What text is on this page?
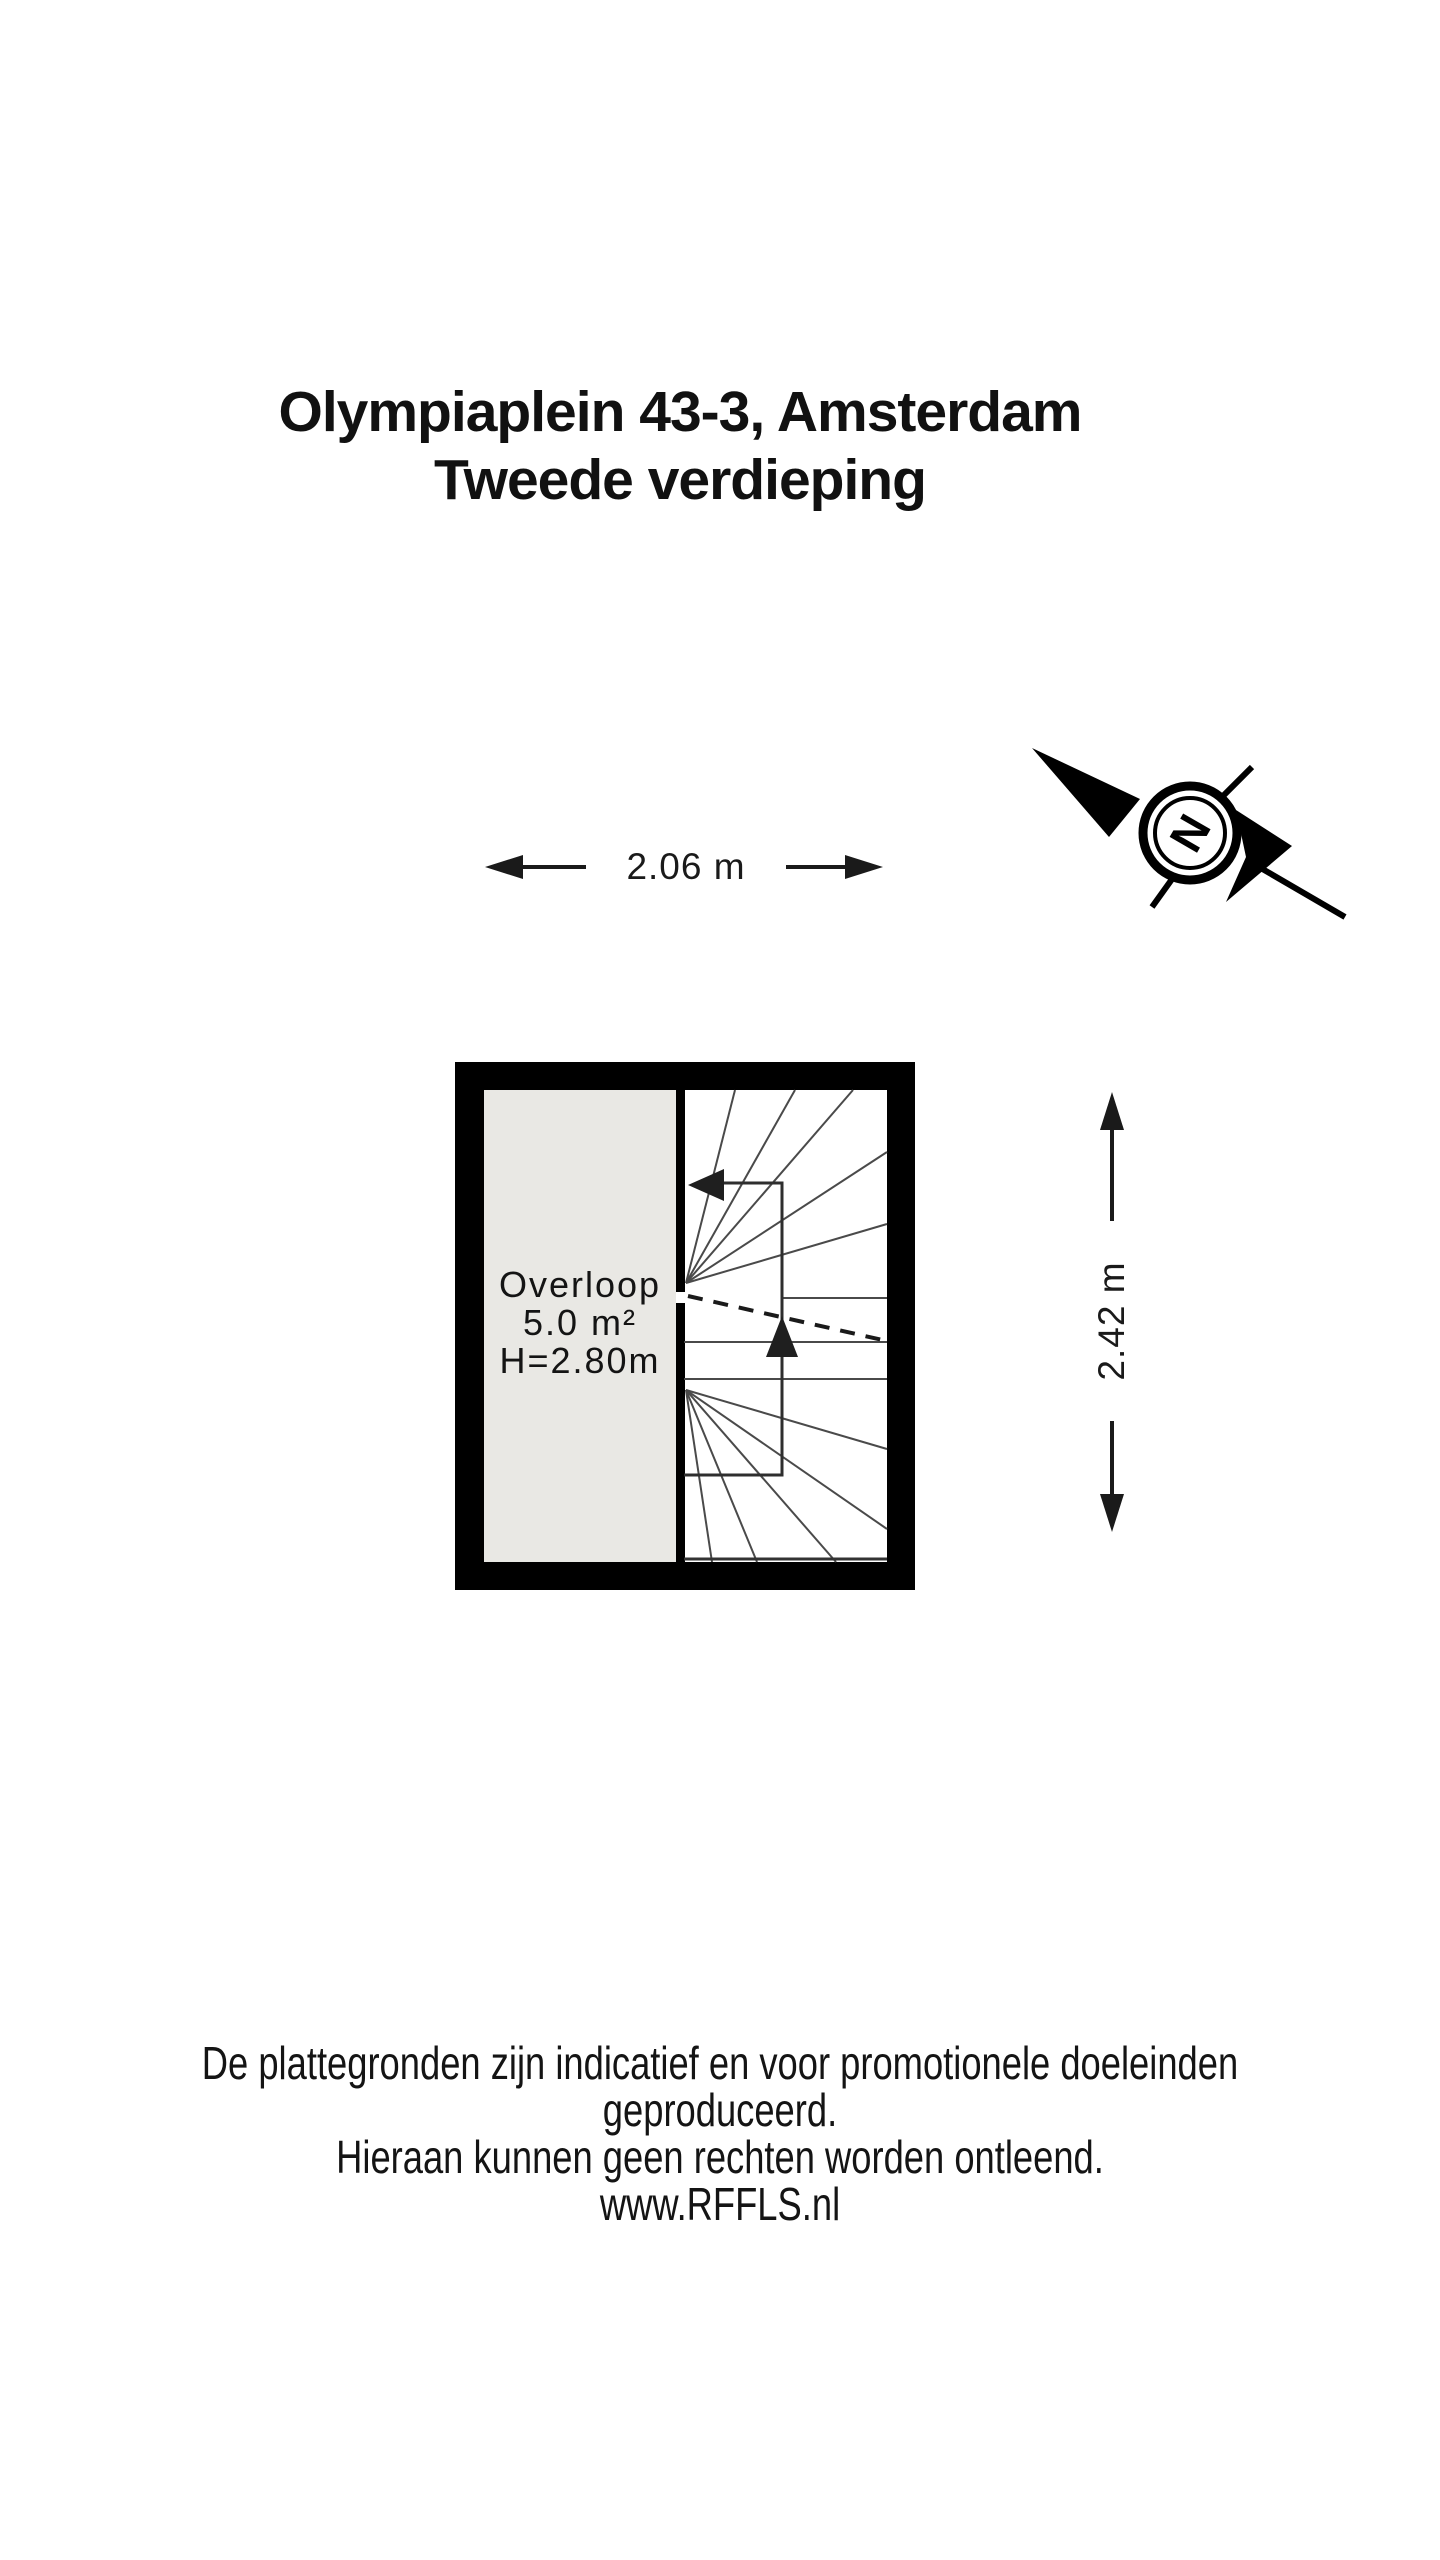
Olympiaplein 43-3, Amsterdam
Tweede verdieping
N
Overloop
5.0 m²
H=2.80m
2.06 m
2.42 m
De plattegronden zijn indicatief en voor promotionele doeleinden geproduceerd.
Hieraan kunnen geen rechten worden ontleend.
www.RFFLS.nl
